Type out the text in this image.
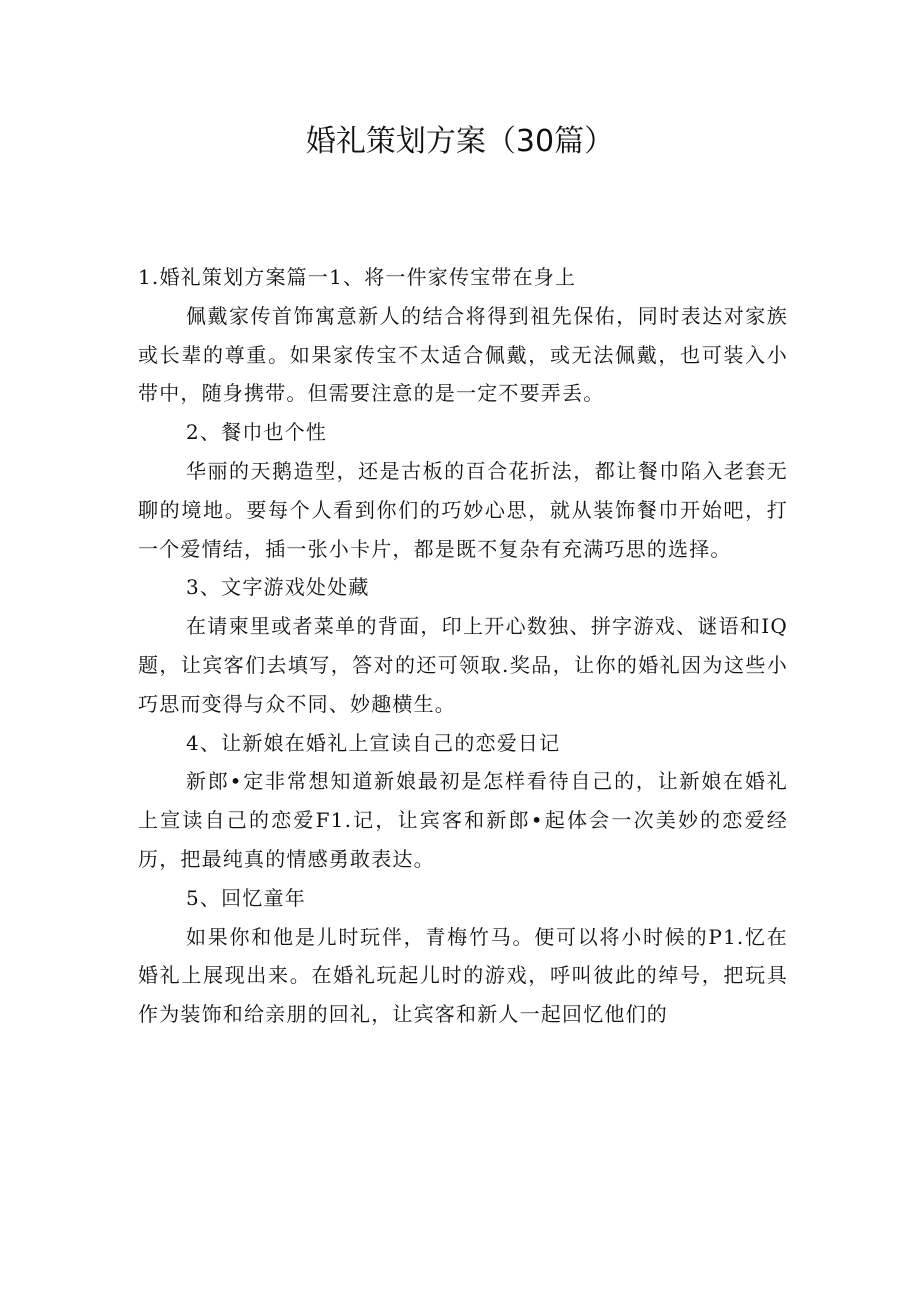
婚礼策划方案（30篇）

1.婚礼策划方案篇一1、将一件家传宝带在身上

佩戴家传首饰寓意新人的结合将得到祖先保佑，同时表达对家族或长辈的尊重。如果家传宝不太适合佩戴，或无法佩戴，也可装入小带中，随身携带。但需要注意的是一定不要弄丢。

2、餐巾也个性

华丽的天鹅造型，还是古板的百合花折法，都让餐巾陷入老套无聊的境地。要每个人看到你们的巧妙心思，就从装饰餐巾开始吧，打一个爱情结，插一张小卡片，都是既不复杂有充满巧思的选择。

3、文字游戏处处藏

在请柬里或者菜单的背面，印上开心数独、拼字游戏、谜语和IQ题，让宾客们去填写，答对的还可领取.奖品，让你的婚礼因为这些小巧思而变得与众不同、妙趣横生。

4、让新娘在婚礼上宣读自己的恋爱日记

新郎•定非常想知道新娘最初是怎样看待自己的，让新娘在婚礼上宣读自己的恋爱F1.记，让宾客和新郎•起体会一次美妙的恋爱经历，把最纯真的情感勇敢表达。

5、回忆童年

如果你和他是儿时玩伴，青梅竹马。便可以将小时候的P1.忆在婚礼上展现出来。在婚礼玩起儿时的游戏，呼叫彼此的绰号，把玩具作为装饰和给亲朋的回礼，让宾客和新人一起回忆他们的
